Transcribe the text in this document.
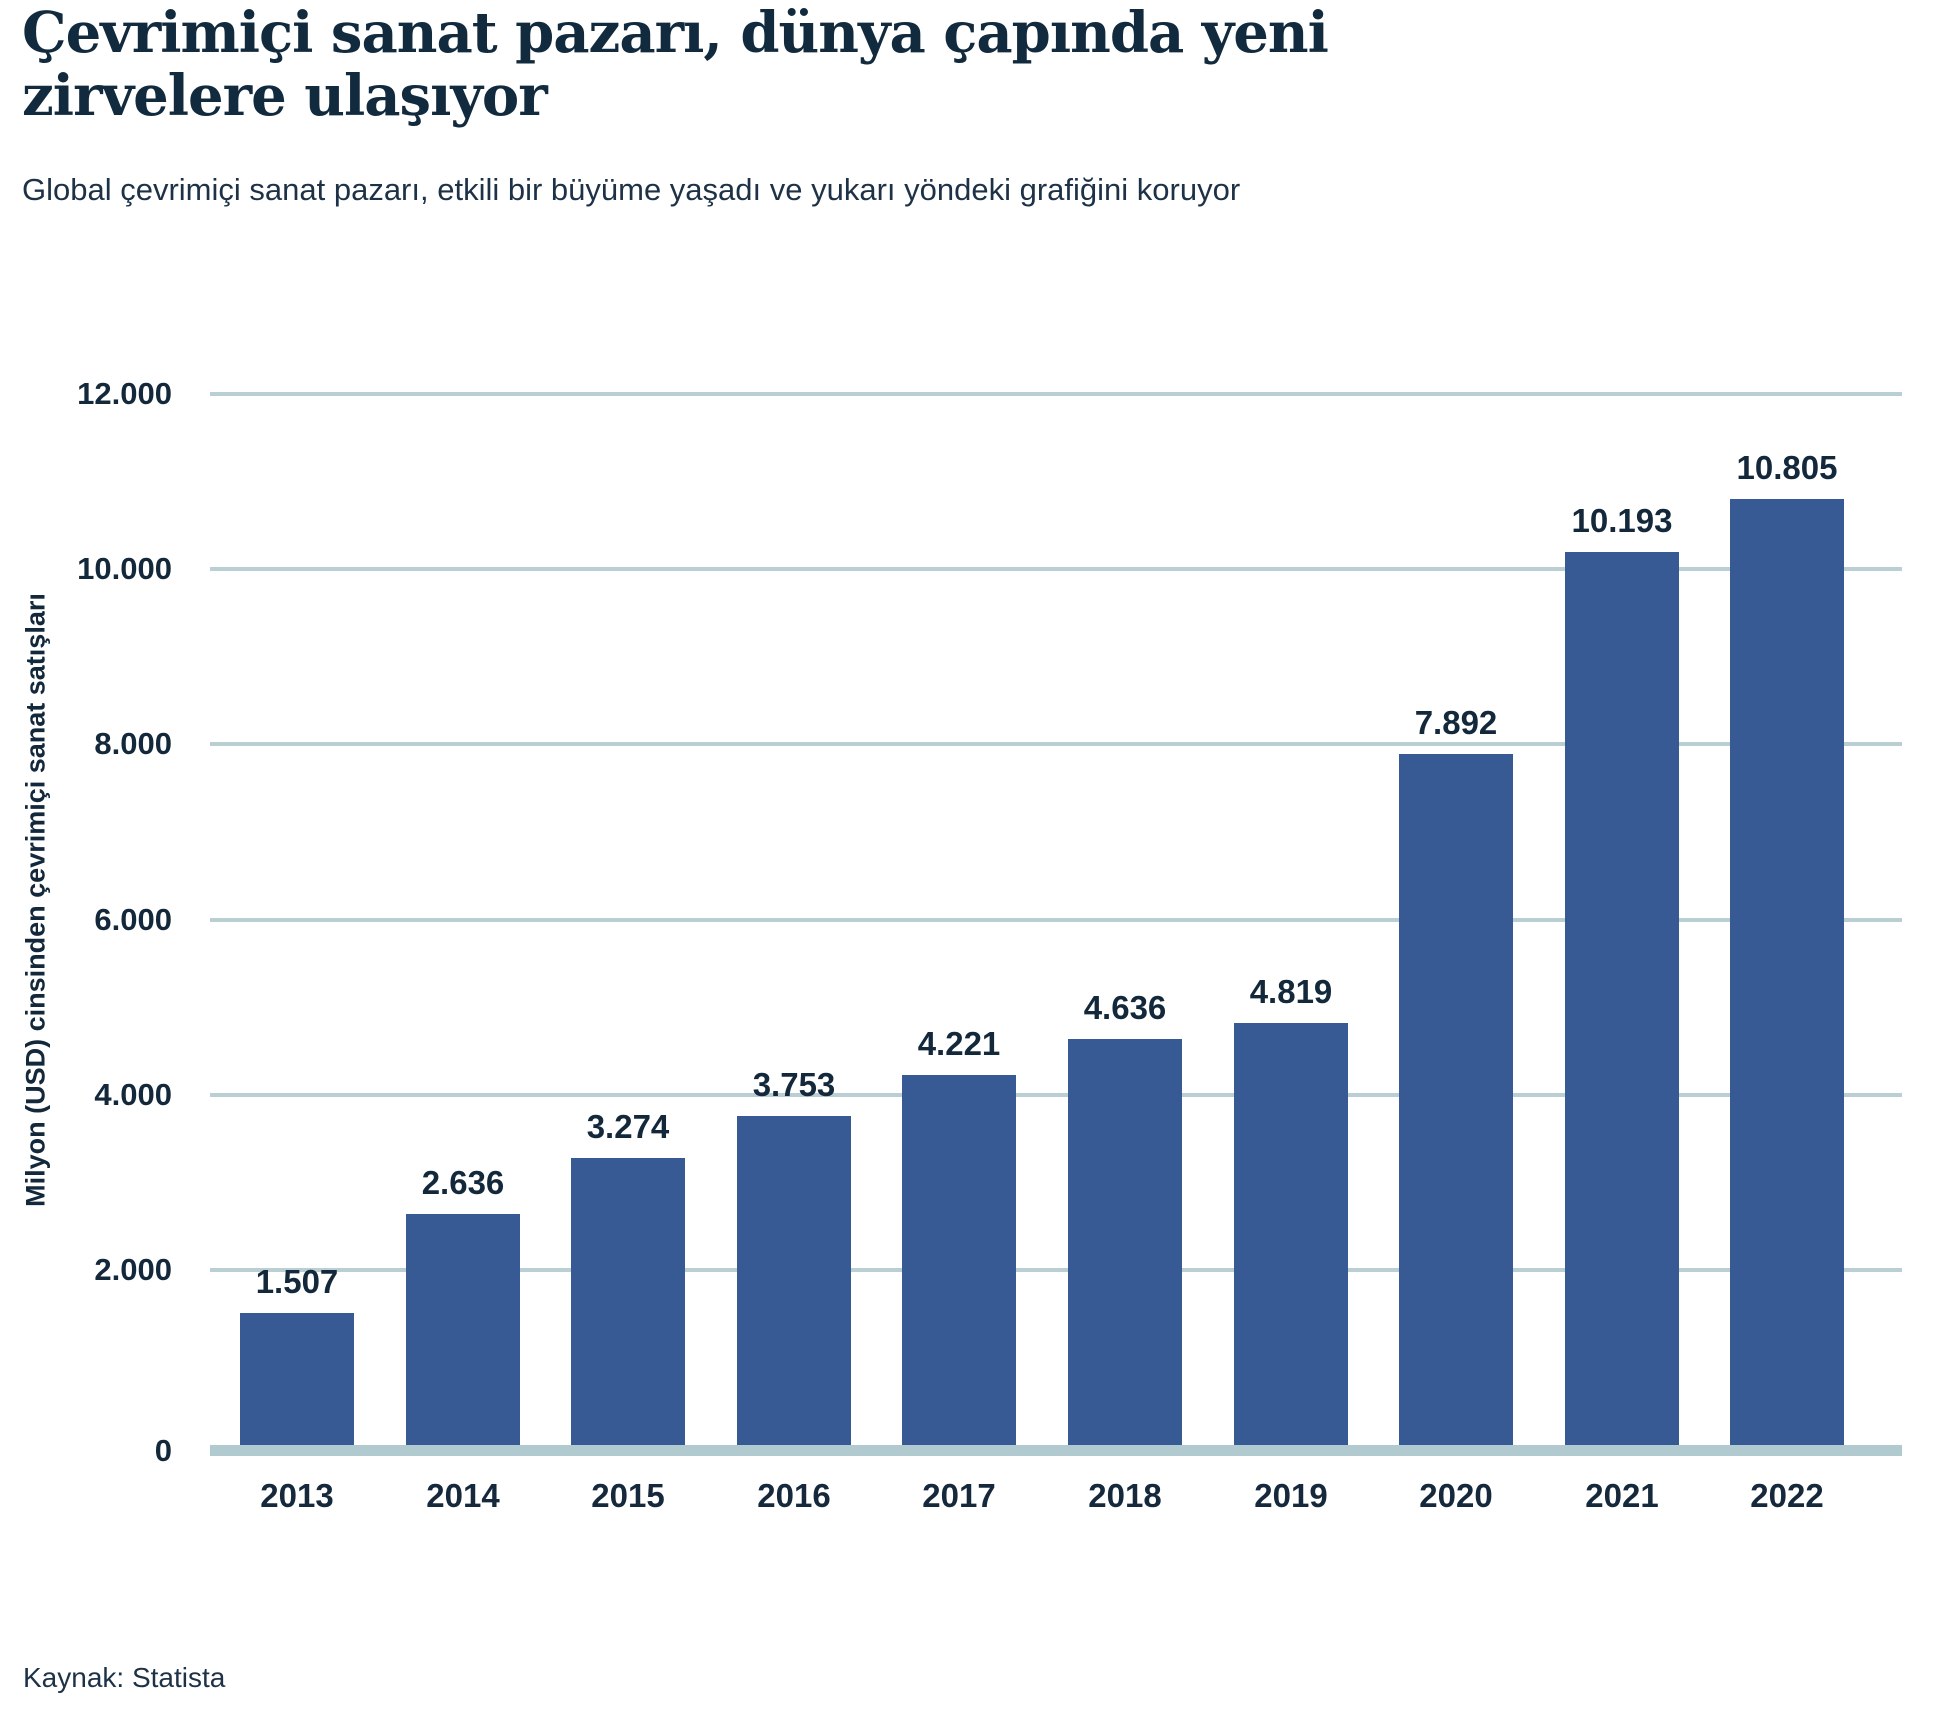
Çevrimiçi sanat pazarı, dünya çapında yeni zirvelere ulaşıyor

Global çevrimiçi sanat pazarı, etkili bir büyüme yaşadı ve yukarı yöndeki grafiğini koruyor

Milyon (USD) cinsinden çevrimiçi sanat satışları
1.507
2.636
3.274
3.753
4.221
4.636	4.819
7.892
10.193
10.805
12.000
10.000
8.000
6.000
4.000
2.000
0
2013	2014	2015	2016	2017	2018	2019	2020	2021	2022

Kaynak: Statista
